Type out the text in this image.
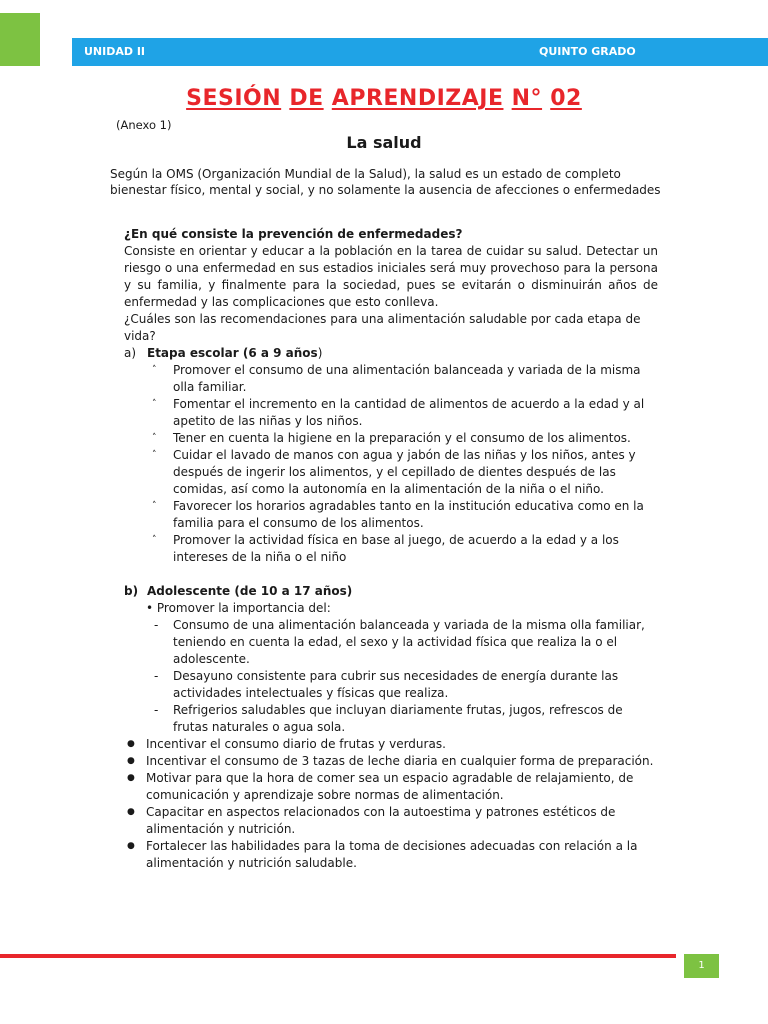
UNIDAD II	QUINTO GRADO
SESIÓN DE APRENDIZAJE N° 02
(Anexo 1)
La salud
Según la OMS (Organización Mundial de la Salud), la salud es un estado de completo bienestar físico, mental y social, y no solamente la ausencia de afecciones o enfermedades

¿En qué consiste la prevención de enfermedades?

Consiste en orientar y educar a la población en la tarea de cuidar su salud. Detectar un riesgo o una enfermedad en sus estadios iniciales será muy provechoso para la persona y su familia, y finalmente para la sociedad, pues se evitarán o disminuirán años de enfermedad y las complicaciones que esto conlleva.

¿Cuáles son las recomendaciones para una alimentación saludable por cada etapa de vida?

a) Etapa escolar (6 a 9 años)

˄ Promover el consumo de una alimentación balanceada y variada de la misma olla familiar.
˄ Fomentar el incremento en la cantidad de alimentos de acuerdo a la edad y al apetito de las niñas y los niños.
˄ Tener en cuenta la higiene en la preparación y el consumo de los alimentos.
˄ Cuidar el lavado de manos con agua y jabón de las niñas y los niños, antes y después de ingerir los alimentos, y el cepillado de dientes después de las comidas, así como la autonomía en la alimentación de la niña o el niño.
˄ Favorecer los horarios agradables tanto en la institución educativa como en la familia para el consumo de los alimentos.
˄ Promover la actividad física en base al juego, de acuerdo a la edad y a los intereses de la niña o el niño

b) Adolescente (de 10 a 17 años)

• Promover la importancia del:

- Consumo de una alimentación balanceada y variada de la misma olla familiar, teniendo en cuenta la edad, el sexo y la actividad física que realiza la o el adolescente.
- Desayuno consistente para cubrir sus necesidades de energía durante las actividades intelectuales y físicas que realiza.
- Refrigerios saludables que incluyan diariamente frutas, jugos, refrescos de frutas naturales o agua sola.
● Incentivar el consumo diario de frutas y verduras.
● Incentivar el consumo de 3 tazas de leche diaria en cualquier forma de preparación.
● Motivar para que la hora de comer sea un espacio agradable de relajamiento, de comunicación y aprendizaje sobre normas de alimentación.
● Capacitar en aspectos relacionados con la autoestima y patrones estéticos de alimentación y nutrición.
● Fortalecer las habilidades para la toma de decisiones adecuadas con relación a la alimentación y nutrición saludable.
1
